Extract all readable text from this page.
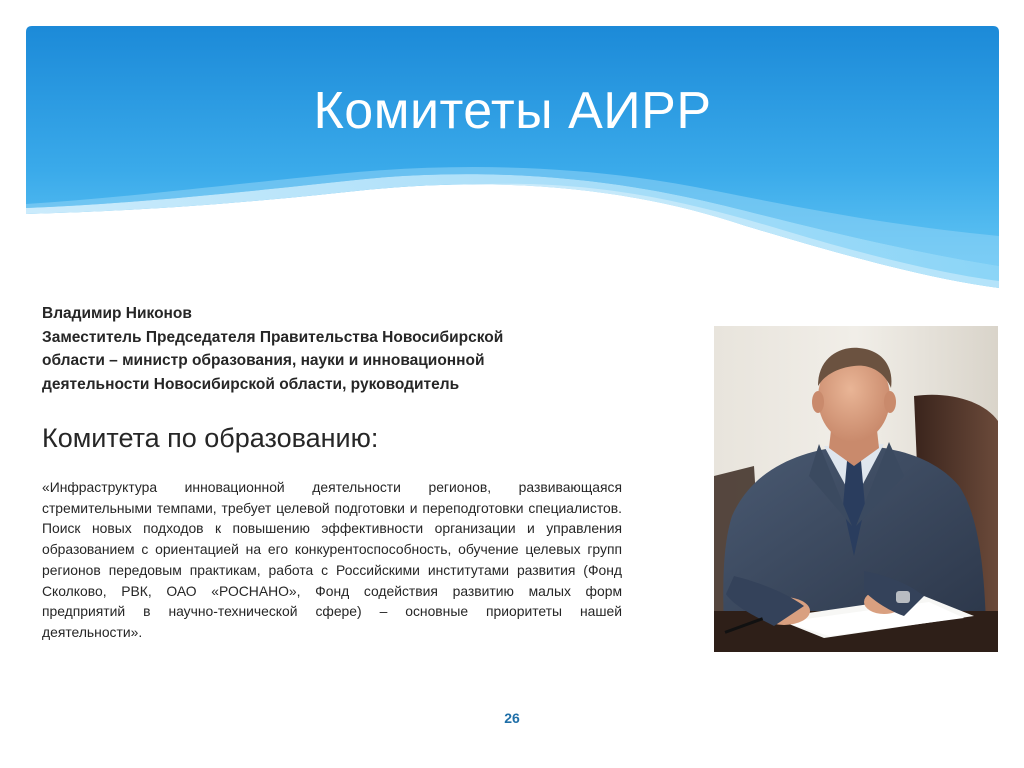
Комитеты АИРР
Владимир Никонов
Заместитель Председателя Правительства Новосибирской
области – министр образования, науки и инновационной
деятельности Новосибирской области, руководитель
Комитета по образованию:
«Инфраструктура инновационной деятельности регионов, развивающаяся стремительными темпами, требует целевой подготовки и переподготовки специалистов. Поиск новых подходов к повышению эффективности организации и управления образованием с ориентацией на его конкурентоспособность, обучение целевых групп регионов передовым практикам, работа с Российскими институтами развития (Фонд Сколково, РВК, ОАО «РОСНАНО», Фонд содействия развитию малых форм предприятий в научно-технической сфере) – основные приоритеты нашей деятельности».
26
